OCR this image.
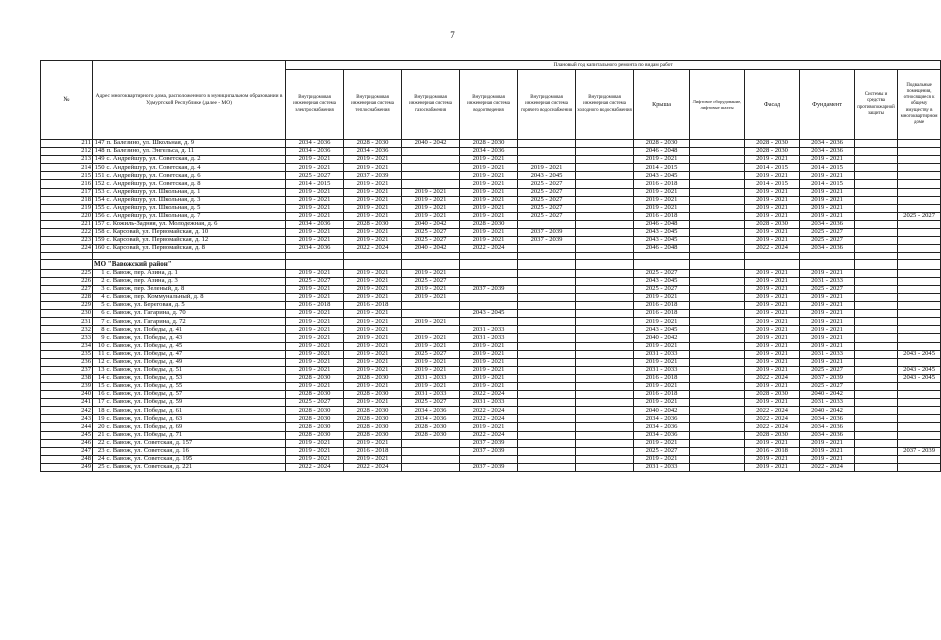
7
№	Адрес многоквартирного дома, расположенного в муниципальном образовании в Удмуртской Республике (далее - МО)		Плановый год капитального ремонта по видам работ											
			Внутридомовая инженерная система электроснабжения	Внутридомовая инженерная система теплоснабжения	Внутридомовая инженерная система газоснабжения	Внутридомовая инженерная система водоотведения	Внутридомовая инженерная система горячего водоснабжения	Внутридомовая инженерная система холодного водоснабжения	Крыша	Лифтовое оборудование, лифтовые шахты	Фасад	Фундамент	Системы и средства противопожарной защиты	Подвальные помещения, относящиеся к общему имуществу в многоквартирном доме
211	147	п. Балезино, ул. Школьная, д. 9	2034 - 2036	2028 - 2030	2040 - 2042	2028 - 2030			2028 - 2030		2028 - 2030	2034 - 2036		
212	148	п. Балезино, ул. Энгельса, д. 11	2034 - 2036	2034 - 2036		2034 - 2036			2046 - 2048		2028 - 2030	2034 - 2036		
213	149	с. Андрейшур, ул. Советская, д. 2	2019 - 2021	2019 - 2021		2019 - 2021			2019 - 2021		2019 - 2021	2019 - 2021		
214	150	с. Андрейшур, ул. Советская, д. 4	2019 - 2021	2019 - 2021		2019 - 2021	2019 - 2021		2014 - 2015		2014 - 2015	2014 - 2015		
215	151	с. Андрейшур, ул. Советская, д. 6	2025 - 2027	2037 - 2039		2019 - 2021	2043 - 2045		2043 - 2045		2019 - 2021	2019 - 2021		
216	152	с. Андрейшур, ул. Советская, д. 8	2014 - 2015	2019 - 2021		2019 - 2021	2025 - 2027		2016 - 2018		2014 - 2015	2014 - 2015		
217	153	с. Андрейшур, ул. Школьная, д. 1	2019 - 2021	2019 - 2021	2019 - 2021	2019 - 2021	2025 - 2027		2019 - 2021		2019 - 2021	2019 - 2021		
218	154	с. Андрейшур, ул. Школьная, д. 3	2019 - 2021	2019 - 2021	2019 - 2021	2019 - 2021	2025 - 2027		2019 - 2021		2019 - 2021	2019 - 2021		
219	155	с. Андрейшур, ул. Школьная, д. 5	2019 - 2021	2019 - 2021	2019 - 2021	2019 - 2021	2025 - 2027		2019 - 2021		2019 - 2021	2019 - 2021		
220	156	с. Андрейшур, ул. Школьная, д. 7	2019 - 2021	2019 - 2021	2019 - 2021	2019 - 2021	2025 - 2027		2016 - 2018		2019 - 2021	2019 - 2021		2025 - 2027
221	157	с. Кожиль-Задняя, ул. Молодежная, д. 6	2034 - 2036	2028 - 2030	2040 - 2042	2028 - 2030			2046 - 2048		2028 - 2030	2034 - 2036		
222	158	с. Карсовай, ул. Первомайская, д. 10	2019 - 2021	2019 - 2021	2025 - 2027	2019 - 2021	2037 - 2039		2043 - 2045		2019 - 2021	2025 - 2027		
223	159	с. Карсовай, ул. Первомайская, д. 12	2019 - 2021	2019 - 2021	2025 - 2027	2019 - 2021	2037 - 2039		2043 - 2045		2019 - 2021	2025 - 2027		
224	160	с. Карсовай, ул. Первомайская, д. 8	2034 - 2036	2022 - 2024	2040 - 2042	2022 - 2024			2046 - 2048		2022 - 2024	2034 - 2036		

	МО "Вавожский район"													
225	1	с. Вавож, пер. Азина, д. 1	2019 - 2021	2019 - 2021	2019 - 2021				2025 - 2027		2019 - 2021	2019 - 2021		
226	2	с. Вавож, пер. Азина, д. 3	2025 - 2027	2019 - 2021	2025 - 2027				2043 - 2045		2019 - 2021	2031 - 2033		
227	3	с. Вавож, пер. Зеленый, д. 8	2019 - 2021	2019 - 2021	2019 - 2021	2037 - 2039			2025 - 2027		2019 - 2021	2025 - 2027		
228	4	с. Вавож, пер. Коммунальный, д. 8	2019 - 2021	2019 - 2021	2019 - 2021				2019 - 2021		2019 - 2021	2019 - 2021		
229	5	с. Вавож, ул. Береговая, д. 5	2016 - 2018	2016 - 2018					2016 - 2018		2019 - 2021	2019 - 2021		
230	6	с. Вавож, ул. Гагарина, д. 70	2019 - 2021	2019 - 2021		2043 - 2045			2016 - 2018		2019 - 2021	2019 - 2021		
231	7	с. Вавож, ул. Гагарина, д. 72	2019 - 2021	2019 - 2021	2019 - 2021				2019 - 2021		2019 - 2021	2019 - 2021		
232	8	с. Вавож, ул. Победы, д. 41	2019 - 2021	2019 - 2021		2031 - 2033			2043 - 2045		2019 - 2021	2019 - 2021		
233	9	с. Вавож, ул. Победы, д. 43	2019 - 2021	2019 - 2021	2019 - 2021	2031 - 2033			2040 - 2042		2019 - 2021	2019 - 2021		
234	10	с. Вавож, ул. Победы, д. 45	2019 - 2021	2019 - 2021	2019 - 2021	2019 - 2021			2019 - 2021		2019 - 2021	2019 - 2021		
235	11	с. Вавож, ул. Победы, д. 47	2019 - 2021	2019 - 2021	2025 - 2027	2019 - 2021			2031 - 2033		2019 - 2021	2031 - 2033		2043 - 2045
236	12	с. Вавож, ул. Победы, д. 49	2019 - 2021	2019 - 2021	2019 - 2021	2019 - 2021			2019 - 2021		2019 - 2021	2019 - 2021		
237	13	с. Вавож, ул. Победы, д. 51	2019 - 2021	2019 - 2021	2019 - 2021	2019 - 2021			2031 - 2033		2019 - 2021	2025 - 2027		2043 - 2045
238	14	с. Вавож, ул. Победы, д. 53	2028 - 2030	2028 - 2030	2031 - 2033	2019 - 2021			2016 - 2018		2022 - 2024	2037 - 2039		2043 - 2045
239	15	с. Вавож, ул. Победы, д. 55	2019 - 2021	2019 - 2021	2019 - 2021	2019 - 2021			2019 - 2021		2019 - 2021	2025 - 2027		
240	16	с. Вавож, ул. Победы, д. 57	2028 - 2030	2028 - 2030	2031 - 2033	2022 - 2024			2016 - 2018		2028 - 2030	2040 - 2042		
241	17	с. Вавож, ул. Победы, д. 59	2025 - 2027	2019 - 2021	2025 - 2027	2031 - 2033			2019 - 2021		2019 - 2021	2031 - 2033		
242	18	с. Вавож, ул. Победы, д. 61	2028 - 2030	2028 - 2030	2034 - 2036	2022 - 2024			2040 - 2042		2022 - 2024	2040 - 2042		
243	19	с. Вавож, ул. Победы, д. 63	2028 - 2030	2028 - 2030	2034 - 2036	2022 - 2024			2034 - 2036		2022 - 2024	2034 - 2036		
244	20	с. Вавож, ул. Победы, д. 69	2028 - 2030	2028 - 2030	2028 - 2030	2019 - 2021			2034 - 2036		2022 - 2024	2034 - 2036		
245	21	с. Вавож, ул. Победы, д. 71	2028 - 2030	2028 - 2030	2028 - 2030	2022 - 2024			2034 - 2036		2028 - 2030	2034 - 2036		
246	22	с. Вавож, ул. Советская, д. 157	2019 - 2021	2019 - 2021		2037 - 2039			2019 - 2021		2019 - 2021	2019 - 2021		
247	23	с. Вавож, ул. Советская, д. 16	2019 - 2021	2016 - 2018		2037 - 2039			2025 - 2027		2016 - 2018	2019 - 2021		2037 - 2039
248	24	с. Вавож, ул. Советская, д. 195	2019 - 2021	2019 - 2021					2019 - 2021		2019 - 2021	2019 - 2021		
249	25	с. Вавож, ул. Советская, д. 221	2022 - 2024	2022 - 2024		2037 - 2039			2031 - 2033		2019 - 2021	2022 - 2024		
